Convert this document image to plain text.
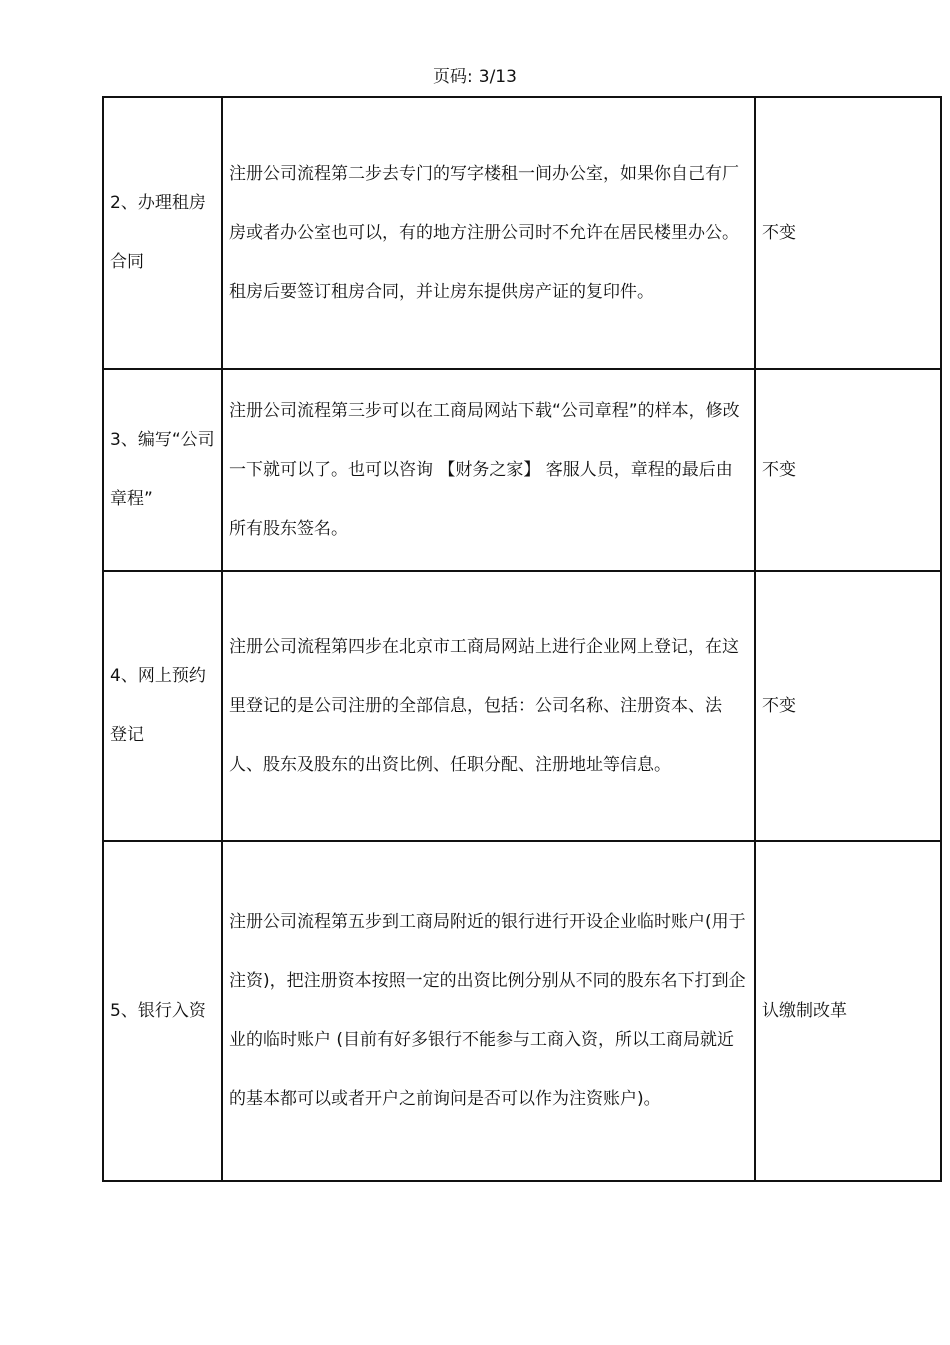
页码: 3/13
2、办理租房合同	注册公司流程第二步去专门的写字楼租一间办公室，如果你自己有厂房或者办公室也可以，有的地方注册公司时不允许在居民楼里办公。租房后要签订租房合同，并让房东提供房产证的复印件。	不变
3、编写“公司章程”	注册公司流程第三步可以在工商局网站下载“公司章程”的样本，修改一下就可以了。也可以咨询 【财务之家】 客服人员，章程的最后由所有股东签名。	不变
4、网上预约登记	注册公司流程第四步在北京市工商局网站上进行企业网上登记，在这里登记的是公司注册的全部信息，包括：公司名称、注册资本、法人、股东及股东的出资比例、任职分配、注册地址等信息。	不变
5、银行入资	注册公司流程第五步到工商局附近的银行进行开设企业临时账户(用于注资)，把注册资本按照一定的出资比例分别从不同的股东名下打到企业的临时账户 (目前有好多银行不能参与工商入资，所以工商局就近的基本都可以或者开户之前询问是否可以作为注资账户)。	认缴制改革
